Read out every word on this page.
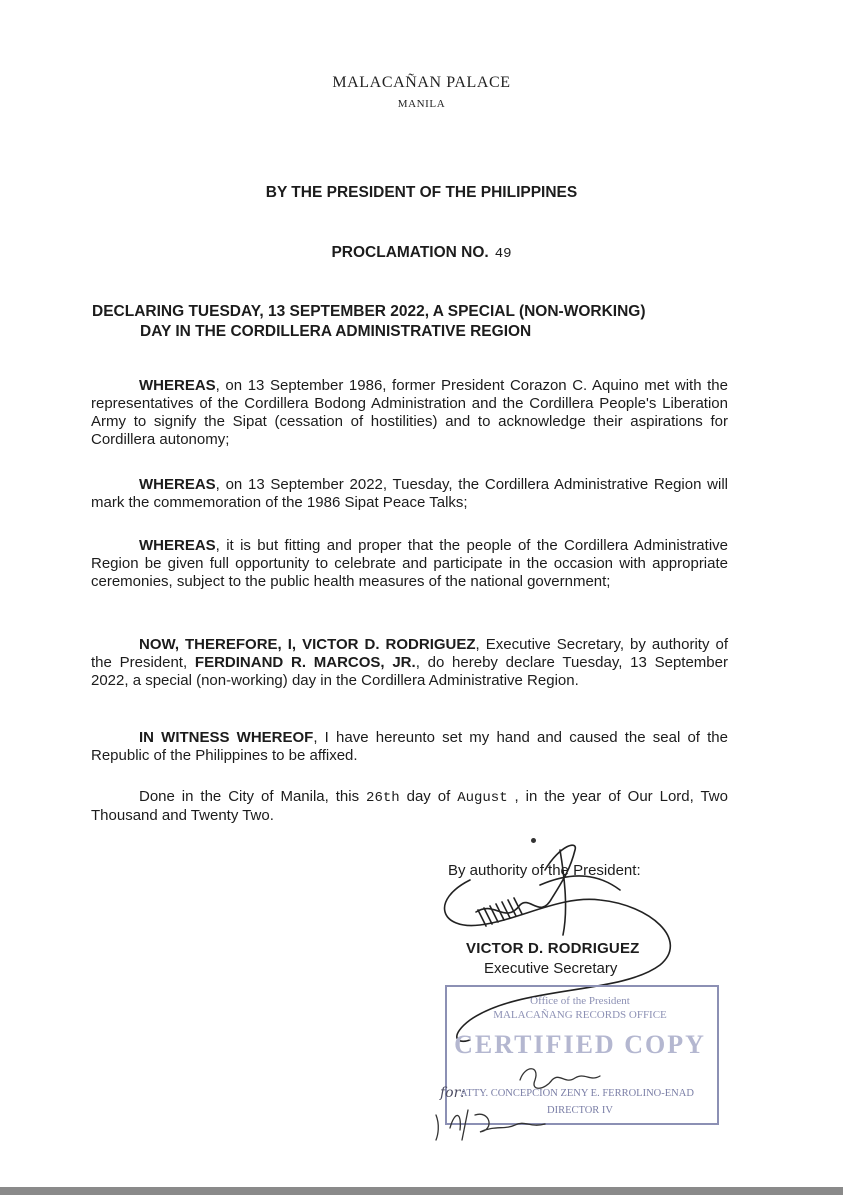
MALACAÑAN PALACE
MANILA
BY THE PRESIDENT OF THE PHILIPPINES
PROCLAMATION NO. 49
DECLARING TUESDAY, 13 SEPTEMBER 2022, A SPECIAL (NON-WORKING)
DAY IN THE CORDILLERA ADMINISTRATIVE REGION
WHEREAS, on 13 September 1986, former President Corazon C. Aquino met with the representatives of the Cordillera Bodong Administration and the Cordillera People's Liberation Army to signify the Sipat (cessation of hostilities) and to acknowledge their aspirations for Cordillera autonomy;
WHEREAS, on 13 September 2022, Tuesday, the Cordillera Administrative Region will mark the commemoration of the 1986 Sipat Peace Talks;
WHEREAS, it is but fitting and proper that the people of the Cordillera Administrative Region be given full opportunity to celebrate and participate in the occasion with appropriate ceremonies, subject to the public health measures of the national government;
NOW, THEREFORE, I, VICTOR D. RODRIGUEZ, Executive Secretary, by authority of the President, FERDINAND R. MARCOS, JR., do hereby declare Tuesday, 13 September 2022, a special (non-working) day in the Cordillera Administrative Region.
IN WITNESS WHEREOF, I have hereunto set my hand and caused the seal of the Republic of the Philippines to be affixed.
Done in the City of Manila, this 26th day of August , in the year of Our Lord, Two Thousand and Twenty Two.
By authority of the President:
VICTOR D. RODRIGUEZ
Executive Secretary
Office of the President
MALACAÑANG RECORDS OFFICE
CERTIFIED COPY
for:
ATTY. CONCEPCION ZENY E. FERROLINO-ENAD
DIRECTOR IV
